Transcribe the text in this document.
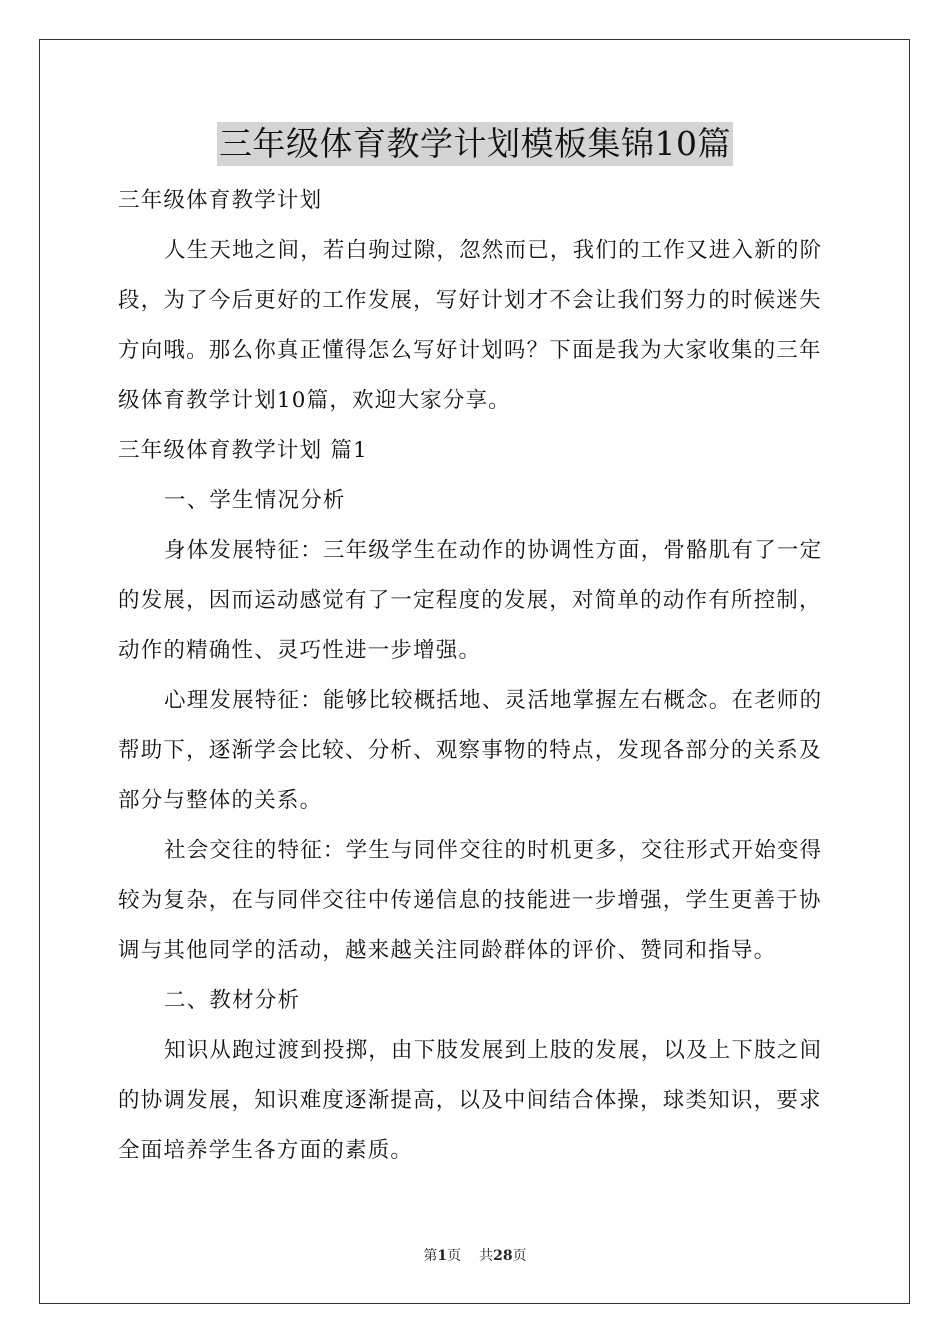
三年级体育教学计划模板集锦10篇

三年级体育教学计划

人生天地之间，若白驹过隙，忽然而已，我们的工作又进入新的阶段，为了今后更好的工作发展，写好计划才不会让我们努力的时候迷失方向哦。那么你真正懂得怎么写好计划吗？下面是我为大家收集的三年级体育教学计划10篇，欢迎大家分享。

三年级体育教学计划 篇1

一、学生情况分析

身体发展特征：三年级学生在动作的协调性方面，骨骼肌有了一定的发展，因而运动感觉有了一定程度的发展，对简单的动作有所控制，动作的精确性、灵巧性进一步增强。

心理发展特征：能够比较概括地、灵活地掌握左右概念。在老师的帮助下，逐渐学会比较、分析、观察事物的特点，发现各部分的关系及部分与整体的关系。

社会交往的特征：学生与同伴交往的时机更多，交往形式开始变得较为复杂，在与同伴交往中传递信息的技能进一步增强，学生更善于协调与其他同学的活动，越来越关注同龄群体的评价、赞同和指导。

二、教材分析

知识从跑过渡到投掷，由下肢发展到上肢的发展，以及上下肢之间的协调发展，知识难度逐渐提高，以及中间结合体操，球类知识，要求全面培养学生各方面的素质。

第1页 共28页
